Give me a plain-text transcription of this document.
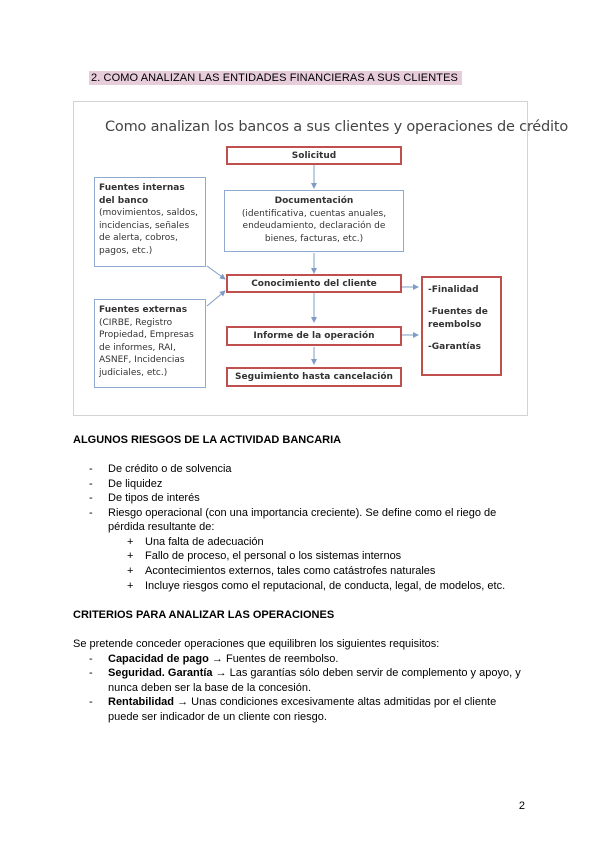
2. COMO ANALIZAN LAS ENTIDADES FINANCIERAS A SUS CLIENTES
Como analizan los bancos a sus clientes y operaciones de crédito
Solicitud
Documentación
(identificativa, cuentas anuales, endeudamiento, declaración de bienes, facturas, etc.)
Conocimiento del cliente
Informe de la operación
Seguimiento hasta cancelación
Fuentes internas del banco
(movimientos, saldos, incidencias, señales de alerta, cobros, pagos, etc.)
Fuentes externas
(CIRBE, Registro Propiedad, Empresas de informes, RAI, ASNEF, Incidencias judiciales, etc.)
-Finalidad
-Fuentes de reembolso
-Garantías
ALGUNOS RIESGOS DE LA ACTIVIDAD BANCARIA
- De crédito o de solvencia
- De liquidez
- De tipos de interés
- Riesgo operacional (con una importancia creciente). Se define como el riego de
pérdida resultante de:
+ Una falta de adecuación
+ Fallo de proceso, el personal o los sistemas internos
+ Acontecimientos externos, tales como catástrofes naturales
+ Incluye riesgos como el reputacional, de conducta, legal, de modelos, etc.
CRITERIOS PARA ANALIZAR LAS OPERACIONES
Se pretende conceder operaciones que equilibren los siguientes requisitos:
- Capacidad de pago → Fuentes de reembolso.
- Seguridad. Garantía → Las garantías sólo deben servir de complemento y apoyo, y
nunca deben ser la base de la concesión.
- Rentabilidad → Unas condiciones excesivamente altas admitidas por el cliente
puede ser indicador de un cliente con riesgo.
2
